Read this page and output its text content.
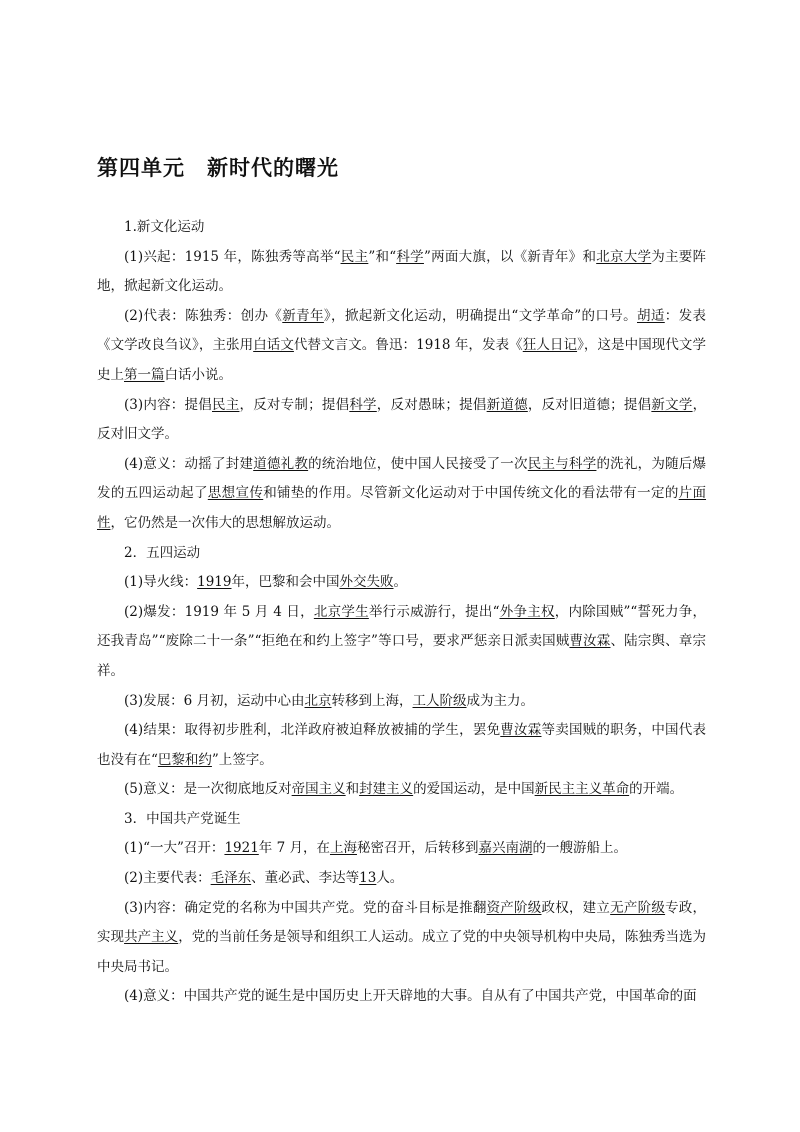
第四单元　新时代的曙光

1.新文化运动

(1)兴起：1915 年，陈独秀等高举“民主”和“科学”两面大旗，以《新青年》和北京大学为主要阵地，掀起新文化运动。

(2)代表：陈独秀：创办《新青年》，掀起新文化运动，明确提出“文学革命”的口号。胡适：发表《文学改良刍议》，主张用白话文代替文言文。鲁迅：1918 年，发表《狂人日记》，这是中国现代文学史上第一篇白话小说。

(3)内容：提倡民主，反对专制；提倡科学，反对愚昧；提倡新道德，反对旧道德；提倡新文学，反对旧文学。

(4)意义：动摇了封建道德礼教的统治地位，使中国人民接受了一次民主与科学的洗礼，为随后爆发的五四运动起了思想宣传和铺垫的作用。尽管新文化运动对于中国传统文化的看法带有一定的片面性，它仍然是一次伟大的思想解放运动。

2．五四运动

(1)导火线：1919年，巴黎和会中国外交失败。

(2)爆发：1919 年 5 月 4 日，北京学生举行示威游行，提出“外争主权，内除国贼”“誓死力争，还我青岛”“废除二十一条”“拒绝在和约上签字”等口号，要求严惩亲日派卖国贼曹汝霖、陆宗舆、章宗祥。

(3)发展：6 月初，运动中心由北京转移到上海，工人阶级成为主力。

(4)结果：取得初步胜利，北洋政府被迫释放被捕的学生，罢免曹汝霖等卖国贼的职务，中国代表也没有在“巴黎和约”上签字。

(5)意义：是一次彻底地反对帝国主义和封建主义的爱国运动，是中国新民主主义革命的开端。

3．中国共产党诞生

(1)“一大”召开：1921年 7 月，在上海秘密召开，后转移到嘉兴南湖的一艘游船上。

(2)主要代表：毛泽东、董必武、李达等13人。

(3)内容：确定党的名称为中国共产党。党的奋斗目标是推翻资产阶级政权，建立无产阶级专政，实现共产主义，党的当前任务是领导和组织工人运动。成立了党的中央领导机构中央局，陈独秀当选为中央局书记。

(4)意义：中国共产党的诞生是中国历史上开天辟地的大事。自从有了中国共产党，中国革命的面
